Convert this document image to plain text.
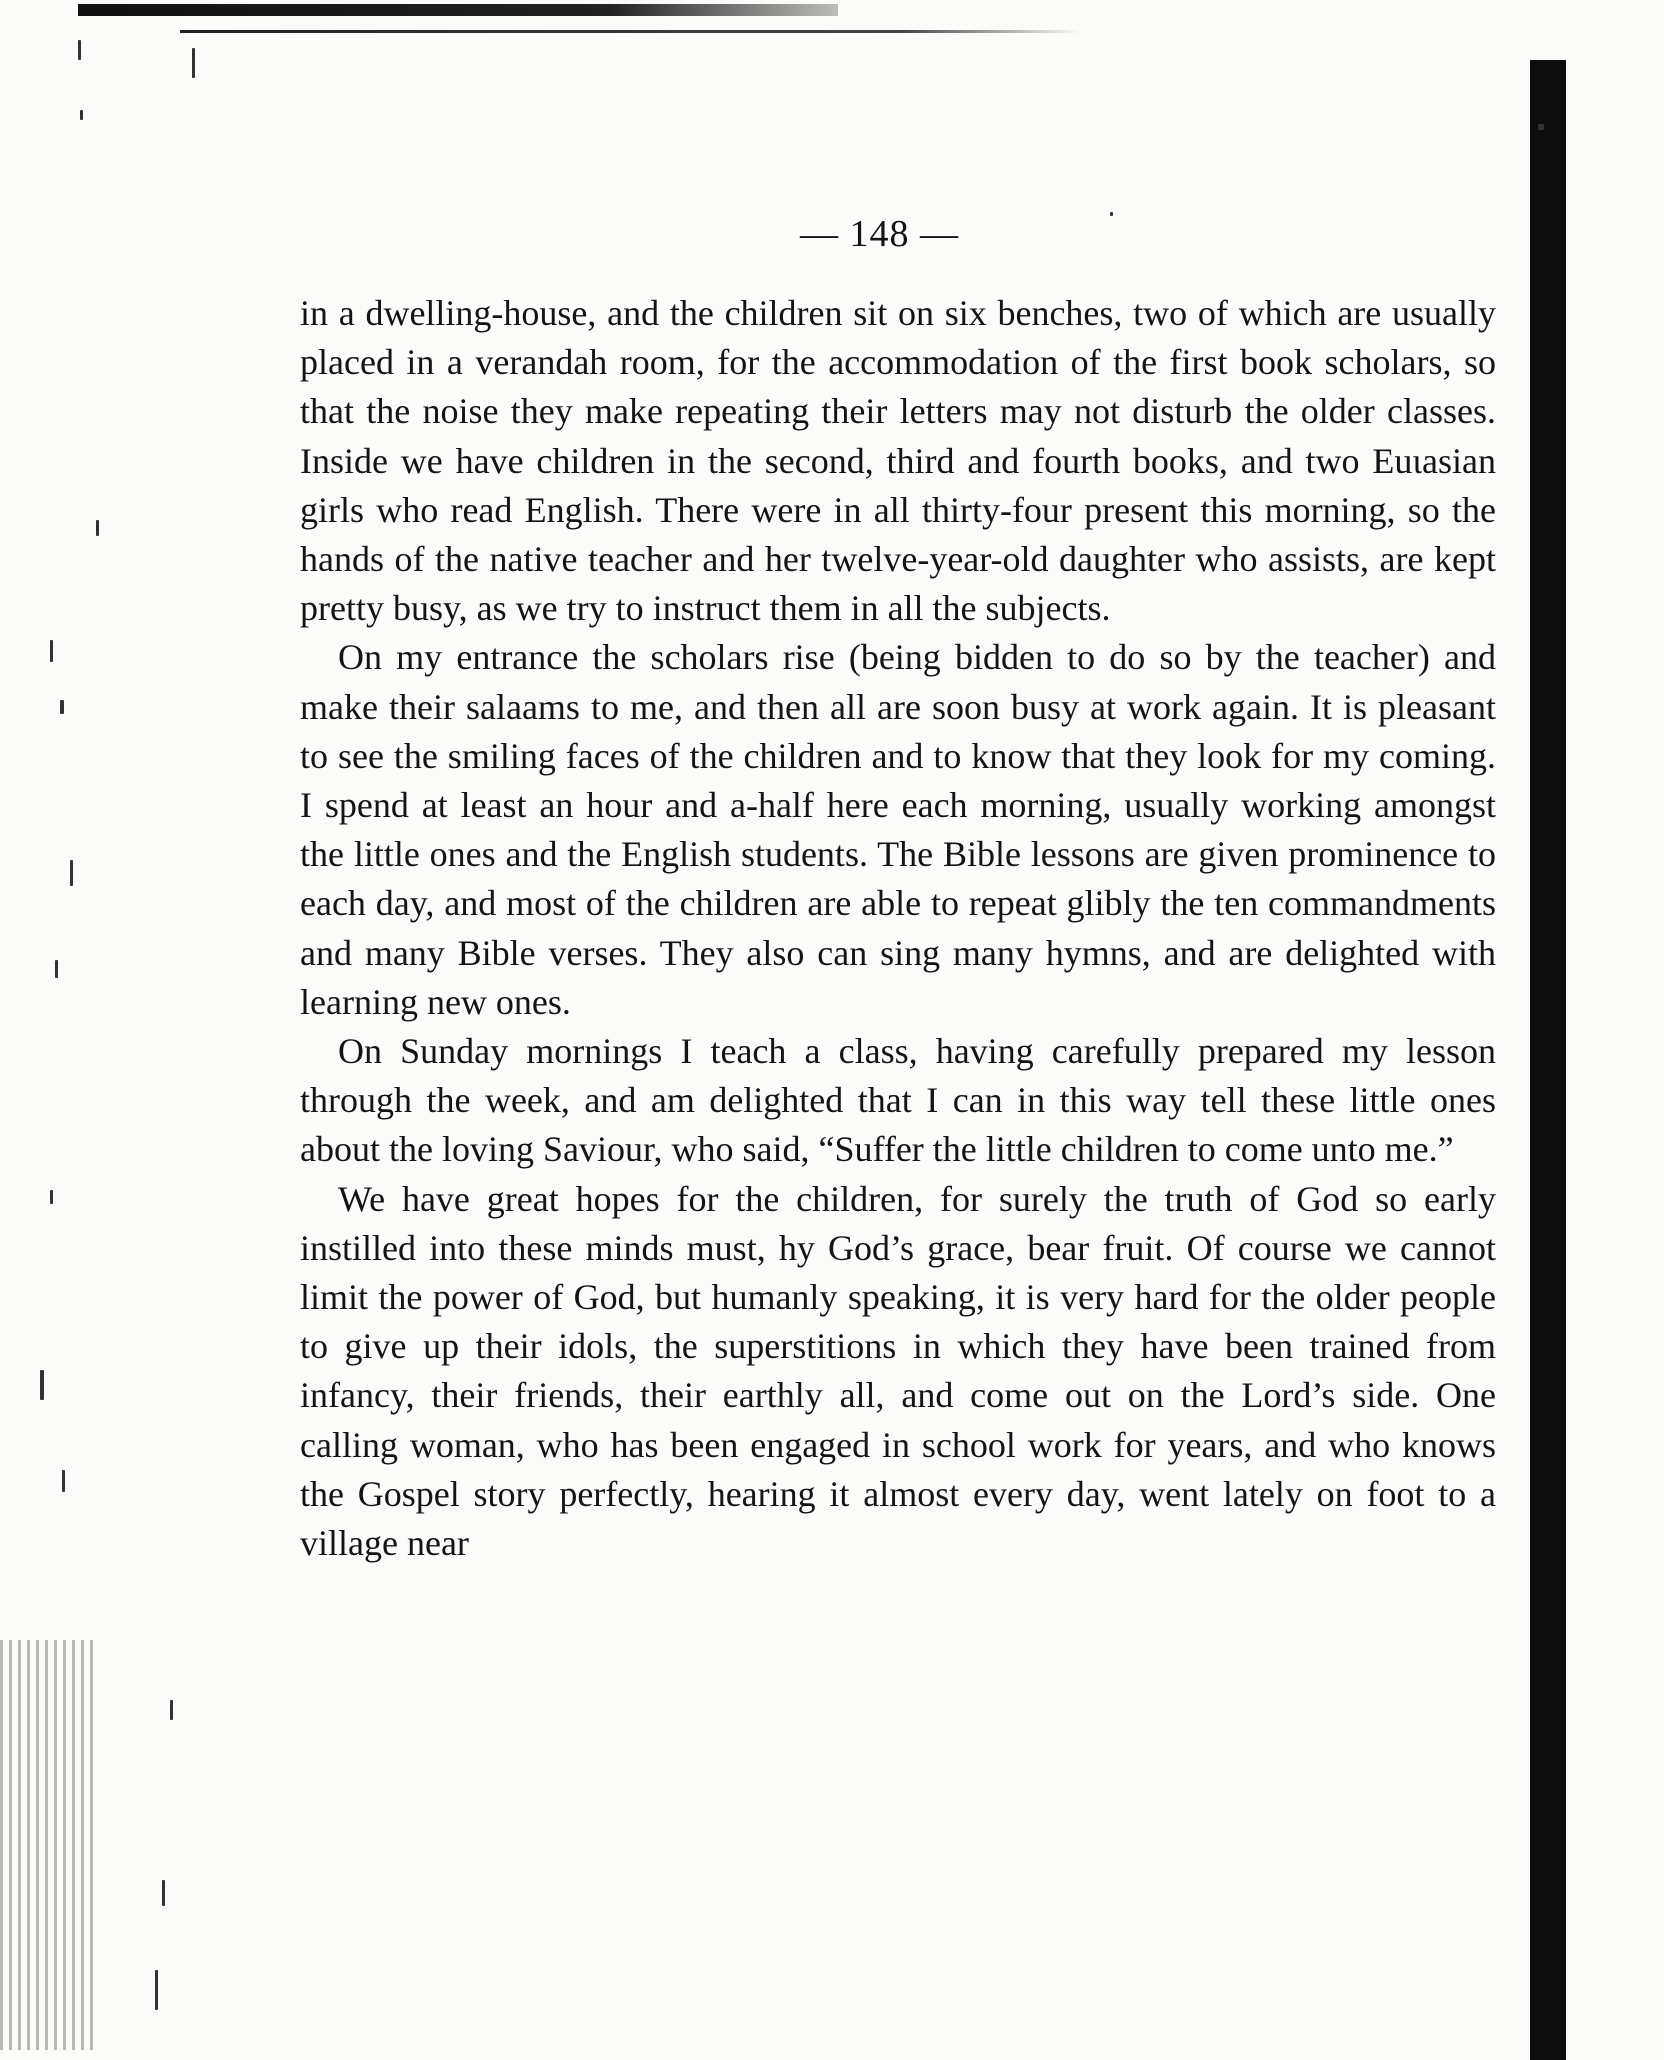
— 148 —

in a dwelling-house, and the children sit on six benches, two of which are usually placed in a verandah room, for the accommodation of the first book scholars, so that the noise they make repeating their letters may not disturb the older classes. Inside we have children in the second, third and fourth books, and two Euɩasian girls who read English. There were in all thirty-four present this morning, so the hands of the native teacher and her twelve-year-old daughter who assists, are kept pretty busy, as we try to instruct them in all the subjects.

On my entrance the scholars rise (being bidden to do so by the teacher) and make their salaams to me, and then all are soon busy at work again. It is pleasant to see the smiling faces of the children and to know that they look for my coming. I spend at least an hour and a-half here each morning, usually working amongst the little ones and the English students. The Bible lessons are given prominence to each day, and most of the children are able to repeat glibly the ten commandments and many Bible verses. They also can sing many hymns, and are delighted with learning new ones.

On Sunday mornings I teach a class, having carefully prepared my lesson through the week, and am delighted that I can in this way tell these little ones about the loving Saviour, who said, “Suffer the little children to come unto me.”

We have great hopes for the children, for surely the truth of God so early instilled into these minds must, hy God’s grace, bear fruit. Of course we cannot limit the power of God, but humanly speaking, it is very hard for the older people to give up their idols, the superstitions in which they have been trained from infancy, their friends, their earthly all, and come out on the Lord’s side. One calling woman, who has been engaged in school work for years, and who knows the Gospel story perfectly, hearing it almost every day, went lately on foot to a village near
